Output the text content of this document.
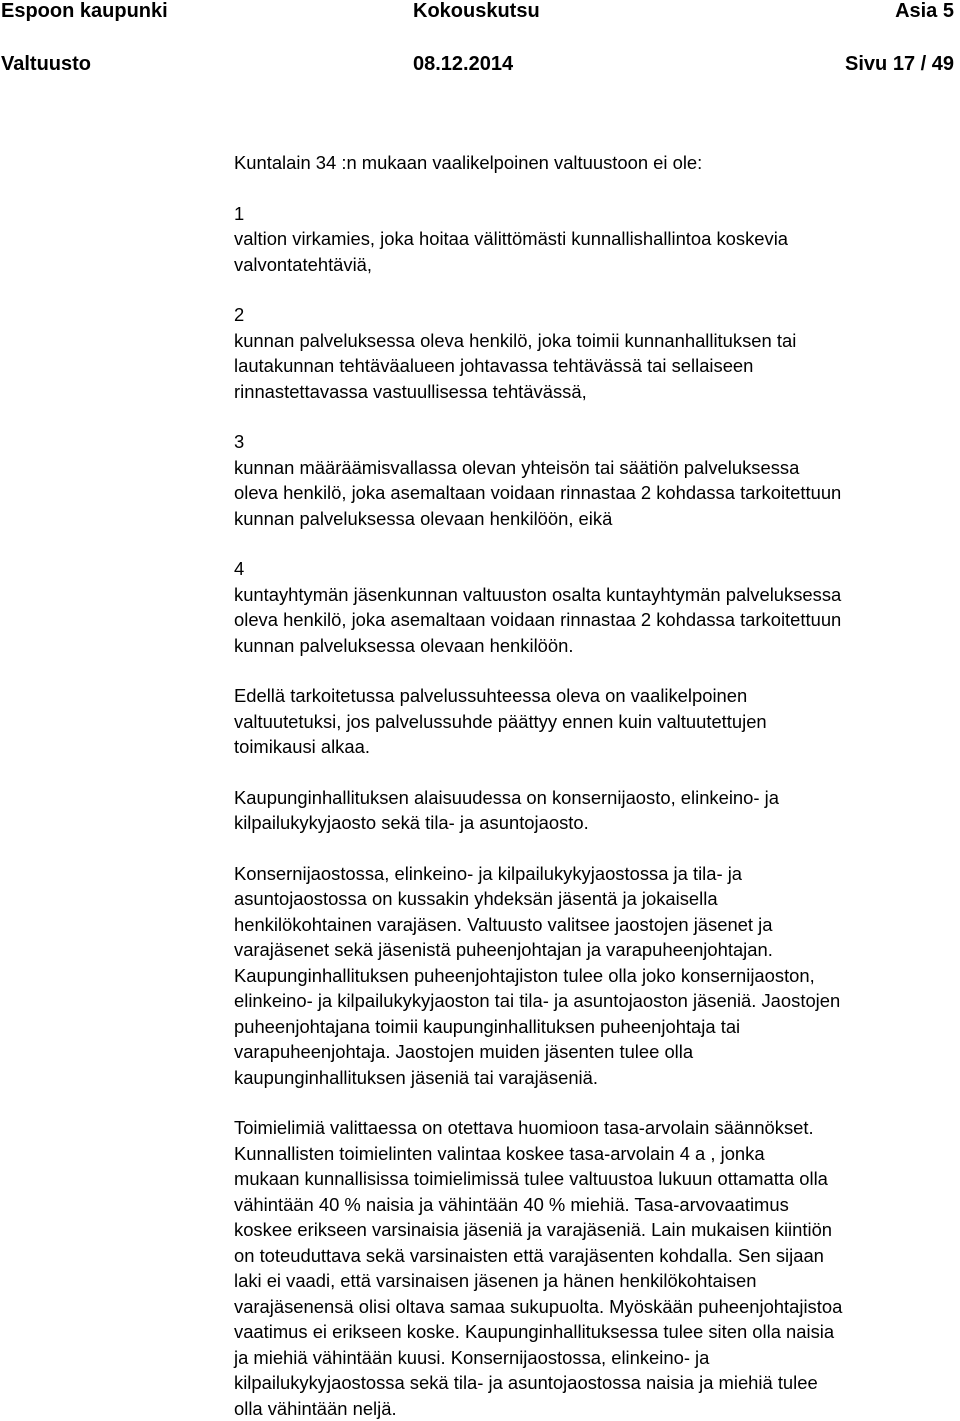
Espoon kaupunki	Kokouskutsu	Asia 5
Valtuusto	08.12.2014	Sivu 17 / 49

Kuntalain 34 :n mukaan vaalikelpoinen valtuustoon ei ole:

1

valtion virkamies, joka hoitaa välittömästi kunnallishallintoa koskevia

valvontatehtäviä,

2

kunnan palveluksessa oleva henkilö, joka toimii kunnanhallituksen tai

lautakunnan tehtäväalueen johtavassa tehtävässä tai sellaiseen

rinnastettavassa vastuullisessa tehtävässä,

3

kunnan määräämisvallassa olevan yhteisön tai säätiön palveluksessa

oleva henkilö, joka asemaltaan voidaan rinnastaa 2 kohdassa tarkoitettuun

kunnan palveluksessa olevaan henkilöön, eikä

4

kuntayhtymän jäsenkunnan valtuuston osalta kuntayhtymän palveluksessa

oleva henkilö, joka asemaltaan voidaan rinnastaa 2 kohdassa tarkoitettuun

kunnan palveluksessa olevaan henkilöön.

Edellä tarkoitetussa palvelussuhteessa oleva on vaalikelpoinen

valtuutetuksi, jos palvelussuhde päättyy ennen kuin valtuutettujen

toimikausi alkaa.

Kaupunginhallituksen alaisuudessa on konsernijaosto, elinkeino- ja

kilpailukykyjaosto sekä tila- ja asuntojaosto.

Konsernijaostossa, elinkeino- ja kilpailukykyjaostossa ja tila- ja

asuntojaostossa on kussakin yhdeksän jäsentä ja jokaisella

henkilökohtainen varajäsen. Valtuusto valitsee jaostojen jäsenet ja

varajäsenet sekä jäsenistä puheenjohtajan ja varapuheenjohtajan.

Kaupunginhallituksen puheenjohtajiston tulee olla joko konsernijaoston,

elinkeino- ja kilpailukykyjaoston tai tila- ja asuntojaoston jäseniä. Jaostojen

puheenjohtajana toimii kaupunginhallituksen puheenjohtaja tai

varapuheenjohtaja. Jaostojen muiden jäsenten tulee olla

kaupunginhallituksen jäseniä tai varajäseniä.

Toimielimiä valittaessa on otettava huomioon tasa-arvolain säännökset.

Kunnallisten toimielinten valintaa koskee tasa-arvolain 4 a , jonka

mukaan kunnallisissa toimielimissä tulee valtuustoa lukuun ottamatta olla

vähintään 40 % naisia ja vähintään 40 % miehiä. Tasa-arvovaatimus

koskee erikseen varsinaisia jäseniä ja varajäseniä. Lain mukaisen kiintiön

on toteuduttava sekä varsinaisten että varajäsenten kohdalla. Sen sijaan

laki ei vaadi, että varsinaisen jäsenen ja hänen henkilökohtaisen

varajäsenensä olisi oltava samaa sukupuolta. Myöskään puheenjohtajistoa

vaatimus ei erikseen koske. Kaupunginhallituksessa tulee siten olla naisia

ja miehiä vähintään kuusi. Konsernijaostossa, elinkeino- ja

kilpailukykyjaostossa sekä tila- ja asuntojaostossa naisia ja miehiä tulee

olla vähintään neljä.
